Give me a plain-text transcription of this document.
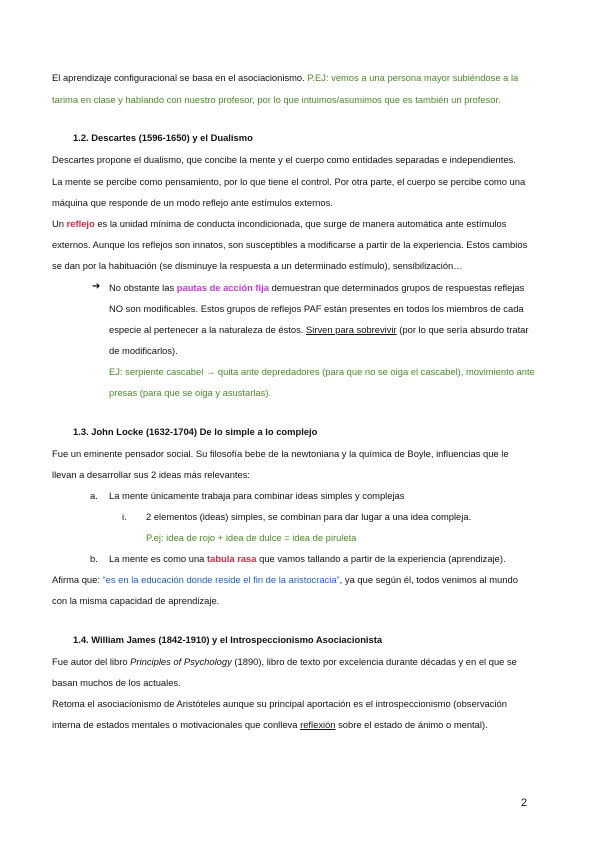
El aprendizaje configuracional se basa en el asociacionismo. P.EJ: vemos a una persona mayor subiéndose a la
tarima en clase y hablando con nuestro profesor, por lo que intuimos/asumimos que es también un profesor.
1.2. Descartes (1596-1650) y el Dualismo
Descartes propone el dualismo, que concibe la mente y el cuerpo como entidades separadas e independientes.
La mente se percibe como pensamiento, por lo que tiene el control. Por otra parte, el cuerpo se percibe como una
máquina que responde de un modo reflejo ante estímulos externos.
Un reflejo es la unidad mínima de conducta incondicionada, que surge de manera automática ante estímulos
externos. Aunque los reflejos son innatos, son susceptibles a modificarse a partir de la experiencia. Estos cambios
se dan por la habituación (se disminuye la respuesta a un determinado estímulo), sensibilización…
➔ No obstante las pautas de acción fija demuestran que determinados grupos de respuestas reflejas
NO son modificables. Estos grupos de reflejos PAF están presentes en todos los miembros de cada
especie al pertenecer a la naturaleza de éstos. Sirven para sobrevivir (por lo que sería absurdo tratar
de modificarlos).
EJ: serpiente cascabel → quita ante depredadores (para que no se oiga el cascabel), movimiento ante
presas (para que se oiga y asustarlas).
1.3. John Locke (1632-1704) De lo simple a lo complejo
Fue un eminente pensador social. Su filosofía bebe de la newtoniana y la química de Boyle, influencias que le
llevan a desarrollar sus 2 ideas más relevantes:
a. La mente únicamente trabaja para combinar ideas simples y complejas
i. 2 elementos (ideas) simples, se combinan para dar lugar a una idea compleja.
P.ej: idea de rojo + idea de dulce = idea de piruleta
b. La mente es como una tabula rasa que vamos tallando a partir de la experiencia (aprendizaje).
Afirma que: “es en la educación donde reside el fin de la aristocracia”, ya que según él, todos venimos al mundo
con la misma capacidad de aprendizaje.
1.4. William James (1842-1910) y el Introspeccionismo Asociacionista
Fue autor del libro Principles of Psychology (1890), libro de texto por excelencia durante décadas y en el que se
basan muchos de los actuales.
Retoma el asociacionismo de Aristóteles aunque su principal aportación es el introspeccionismo (observación
interna de estados mentales o motivacionales que conlleva reflexión sobre el estado de ánimo o mental).
2
